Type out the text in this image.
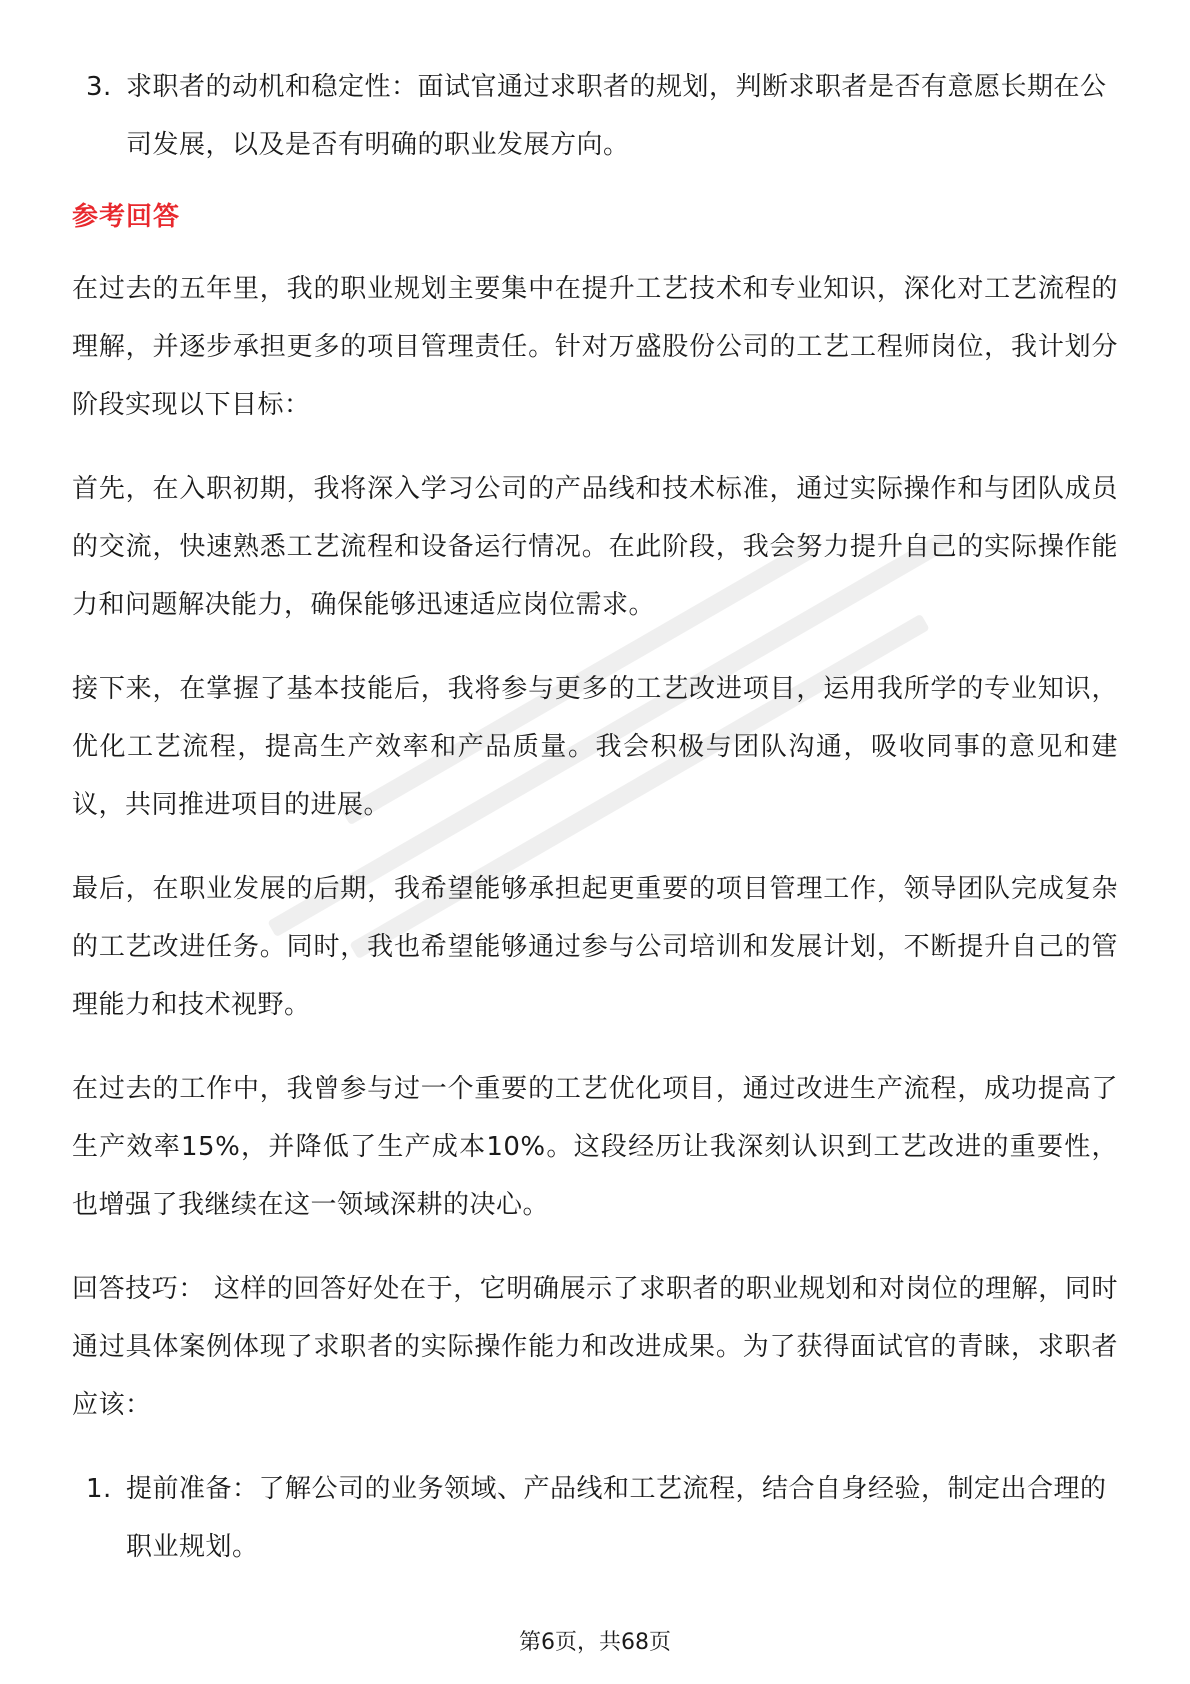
3. 求职者的动机和稳定性：面试官通过求职者的规划，判断求职者是否有意愿长期在公司发展，以及是否有明确的职业发展方向。
参考回答

在过去的五年里，我的职业规划主要集中在提升工艺技术和专业知识，深化对工艺流程的理解，并逐步承担更多的项目管理责任。针对万盛股份公司的工艺工程师岗位，我计划分阶段实现以下目标：

首先，在入职初期，我将深入学习公司的产品线和技术标准，通过实际操作和与团队成员的交流，快速熟悉工艺流程和设备运行情况。在此阶段，我会努力提升自己的实际操作能力和问题解决能力，确保能够迅速适应岗位需求。

接下来，在掌握了基本技能后，我将参与更多的工艺改进项目，运用我所学的专业知识，优化工艺流程，提高生产效率和产品质量。我会积极与团队沟通，吸收同事的意见和建议，共同推进项目的进展。

最后，在职业发展的后期，我希望能够承担起更重要的项目管理工作，领导团队完成复杂的工艺改进任务。同时，我也希望能够通过参与公司培训和发展计划，不断提升自己的管理能力和技术视野。

在过去的工作中，我曾参与过一个重要的工艺优化项目，通过改进生产流程，成功提高了生产效率15%，并降低了生产成本10%。这段经历让我深刻认识到工艺改进的重要性，也增强了我继续在这一领域深耕的决心。

回答技巧： 这样的回答好处在于，它明确展示了求职者的职业规划和对岗位的理解，同时通过具体案例体现了求职者的实际操作能力和改进成果。为了获得面试官的青睐，求职者应该：

1. 提前准备：了解公司的业务领域、产品线和工艺流程，结合自身经验，制定出合理的职业规划。
第6页，共68页
